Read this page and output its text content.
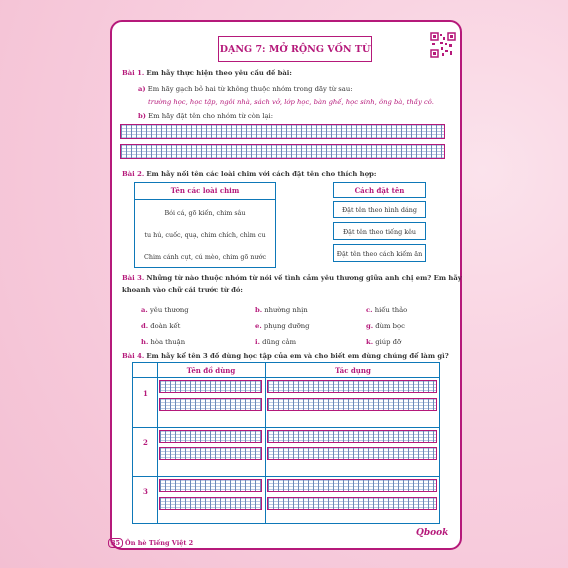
DẠNG 7: MỞ RỘNG VỐN TỪ
Bài 1. Em hãy thực hiện theo yêu cầu dề bài:
a) Em hãy gạch bỏ hai từ không thuộc nhóm trong dãy từ sau:
trường học, học tập, ngôi nhà, sách vở, lớp học, bàn ghế, học sinh, ông bà, thầy cô.
b) Em hãy đặt tên cho nhóm từ còn lại:
Bài 2. Em hãy nối tên các loài chim với cách đặt tên cho thích hợp:
Tên các loài chim
Bói cá, gõ kiến, chim sâu
tu hú, cuốc, quạ, chim chích, chìm cu
Chim cánh cụt, cú mèo, chim gõ nước
Cách đặt tên
Đặt tên theo hình dáng
Đặt tên theo tiếng kêu
Đặt tên theo cách kiếm ăn
Bài 3. Những từ nào thuộc nhóm từ nói về tình cảm yêu thương giữa anh chị em? Em hãy
khoanh vào chữ cái trước từ đó:
a. yêu thương	b. nhường nhịn	c. hiếu thảo
d. đoàn kết	e. phụng dưỡng	g. đùm bọc
h. hòa thuận	i. dũng cảm	k. giúp đỡ
Bài 4. Em hãy kể tên 3 đồ dùng học tập của em và cho biết em dùng chúng để làm gì?
Tên đồ dùng	Tác dụng
1
2
3
35 Ôn hè Tiếng Việt 2
Qbook
